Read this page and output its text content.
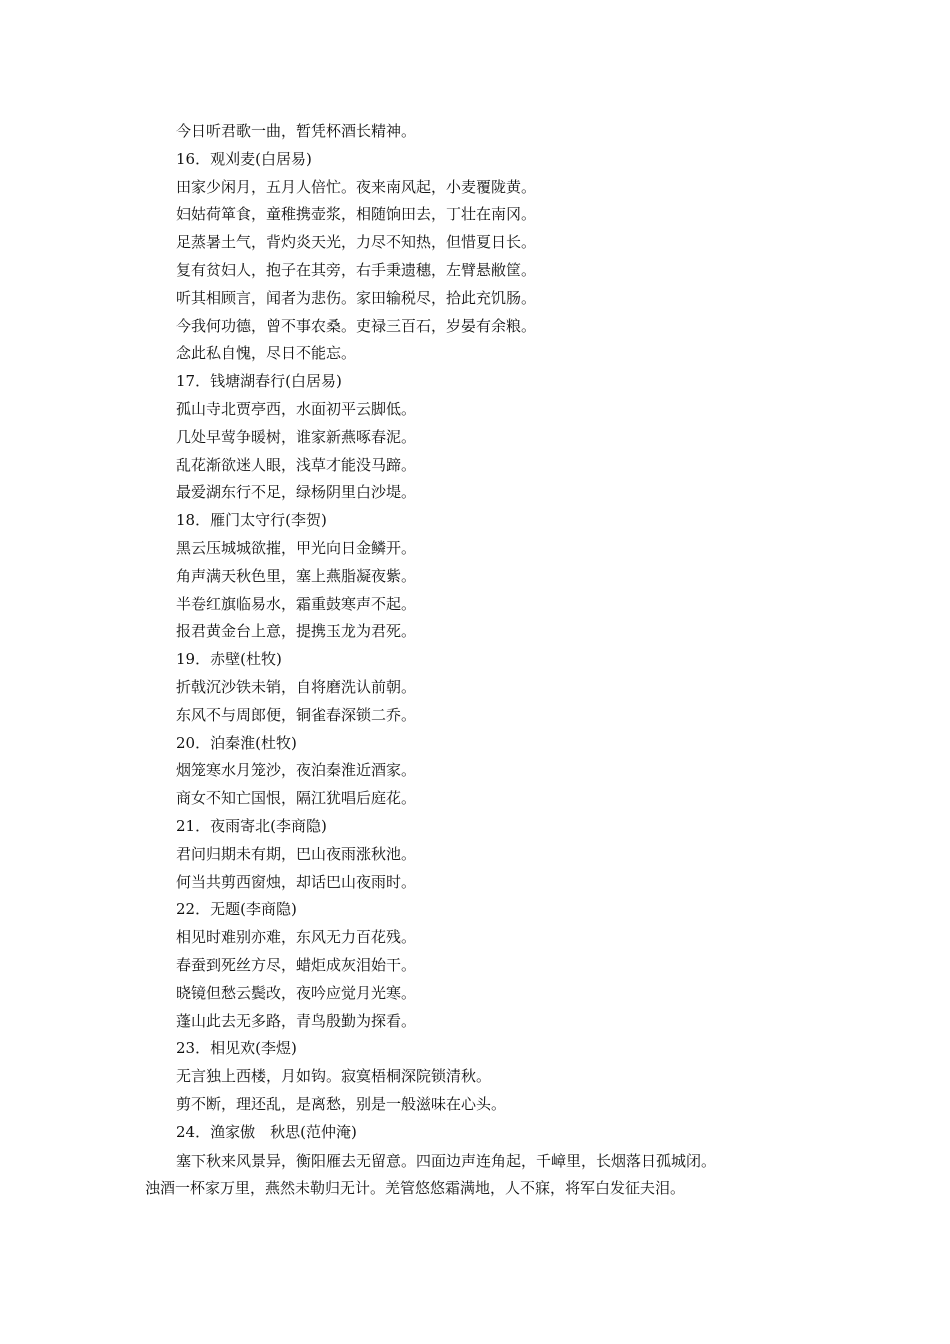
今日听君歌一曲，暂凭杯酒长精神。
16．观刈麦(白居易)
田家少闲月，五月人倍忙。夜来南风起，小麦覆陇黄。
妇姑荷箪食，童稚携壶浆，相随饷田去，丁壮在南冈。
足蒸暑土气，背灼炎天光，力尽不知热，但惜夏日长。
复有贫妇人，抱子在其旁，右手秉遗穗，左臂悬敝筐。
听其相顾言，闻者为悲伤。家田输税尽，拾此充饥肠。
今我何功德，曾不事农桑。吏禄三百石，岁晏有余粮。
念此私自愧，尽日不能忘。
17．钱塘湖春行(白居易)
孤山寺北贾亭西，水面初平云脚低。
几处早莺争暖树，谁家新燕啄春泥。
乱花渐欲迷人眼，浅草才能没马蹄。
最爱湖东行不足，绿杨阴里白沙堤。
18．雁门太守行(李贺)
黑云压城城欲摧，甲光向日金鳞开。
角声满天秋色里，塞上燕脂凝夜紫。
半卷红旗临易水，霜重鼓寒声不起。
报君黄金台上意，提携玉龙为君死。
19．赤壁(杜牧)
折戟沉沙铁未销，自将磨洗认前朝。
东风不与周郎便，铜雀春深锁二乔。
20．泊秦淮(杜牧)
烟笼寒水月笼沙，夜泊秦淮近酒家。
商女不知亡国恨，隔江犹唱后庭花。
21．夜雨寄北(李商隐)
君问归期未有期，巴山夜雨涨秋池。
何当共剪西窗烛，却话巴山夜雨时。
22．无题(李商隐)
相见时难别亦难，东风无力百花残。
春蚕到死丝方尽，蜡炬成灰泪始干。
晓镜但愁云鬓改，夜吟应觉月光寒。
蓬山此去无多路，青鸟殷勤为探看。
23．相见欢(李煜)
无言独上西楼，月如钩。寂寞梧桐深院锁清秋。
剪不断，理还乱，是离愁，别是一般滋味在心头。
24．渔家傲　秋思(范仲淹)
塞下秋来风景异，衡阳雁去无留意。四面边声连角起，千嶂里，长烟落日孤城闭。
浊酒一杯家万里，燕然未勒归无计。羌管悠悠霜满地，人不寐，将军白发征夫泪。
